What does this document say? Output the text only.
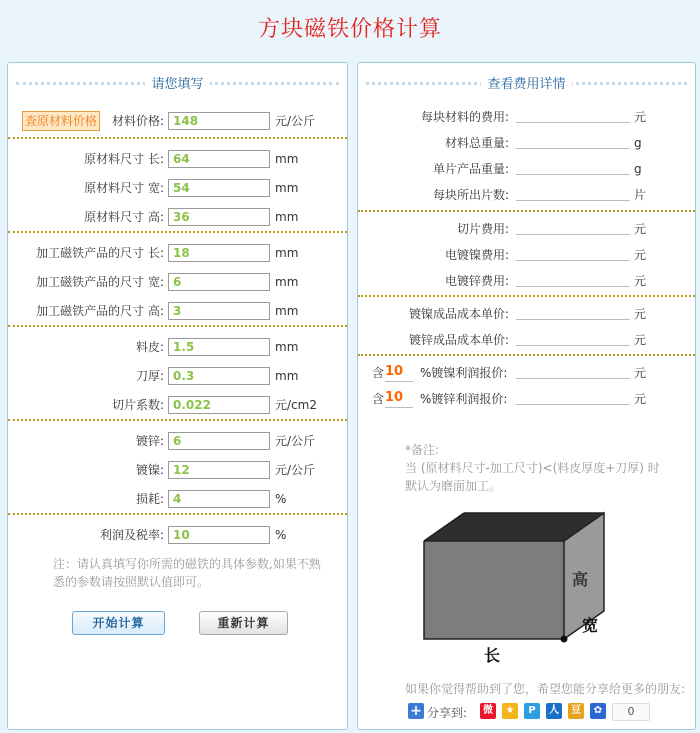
方块磁铁价格计算
请您填写
查原材料价格	材料价格: 148	元/公斤
原材料尺寸 长: 64	mm
原材料尺寸 宽: 54	mm
原材料尺寸 高: 36	mm
加工磁铁产品的尺寸 长: 18	mm
加工磁铁产品的尺寸 宽: 6	mm
加工磁铁产品的尺寸 高: 3	mm
料皮: 1.5	mm
刀厚: 0.3	mm
切片系数: 0.022	元/cm2
镀锌: 6	元/公斤
镀镍: 12	元/公斤
损耗: 4	%
利润及税率: 10	%
注：请认真填写你所需的磁铁的具体参数,如果不熟悉的参数请按照默认值即可。
开始计算	重新计算
查看费用详情
每块材料的费用:	元
材料总重量:	g
单片产品重量:	g
每块所出片数:	片
切片费用:	元
电镀镍费用:	元
电镀锌费用:	元
镀镍成品成本单价:	元
镀锌成品成本单价:	元
含 10	%镀镍利润报价:	元
含 10	%镀锌利润报价:	元
*备注:
当 (原材料尺寸-加工尺寸)<(料皮厚度+刀厚) 时
默认为磨面加工。
高
宽
长
如果你觉得帮助到了您，希望您能分享给更多的朋友:
+ 分享到:	微	★	P	人	豆	✿	0
